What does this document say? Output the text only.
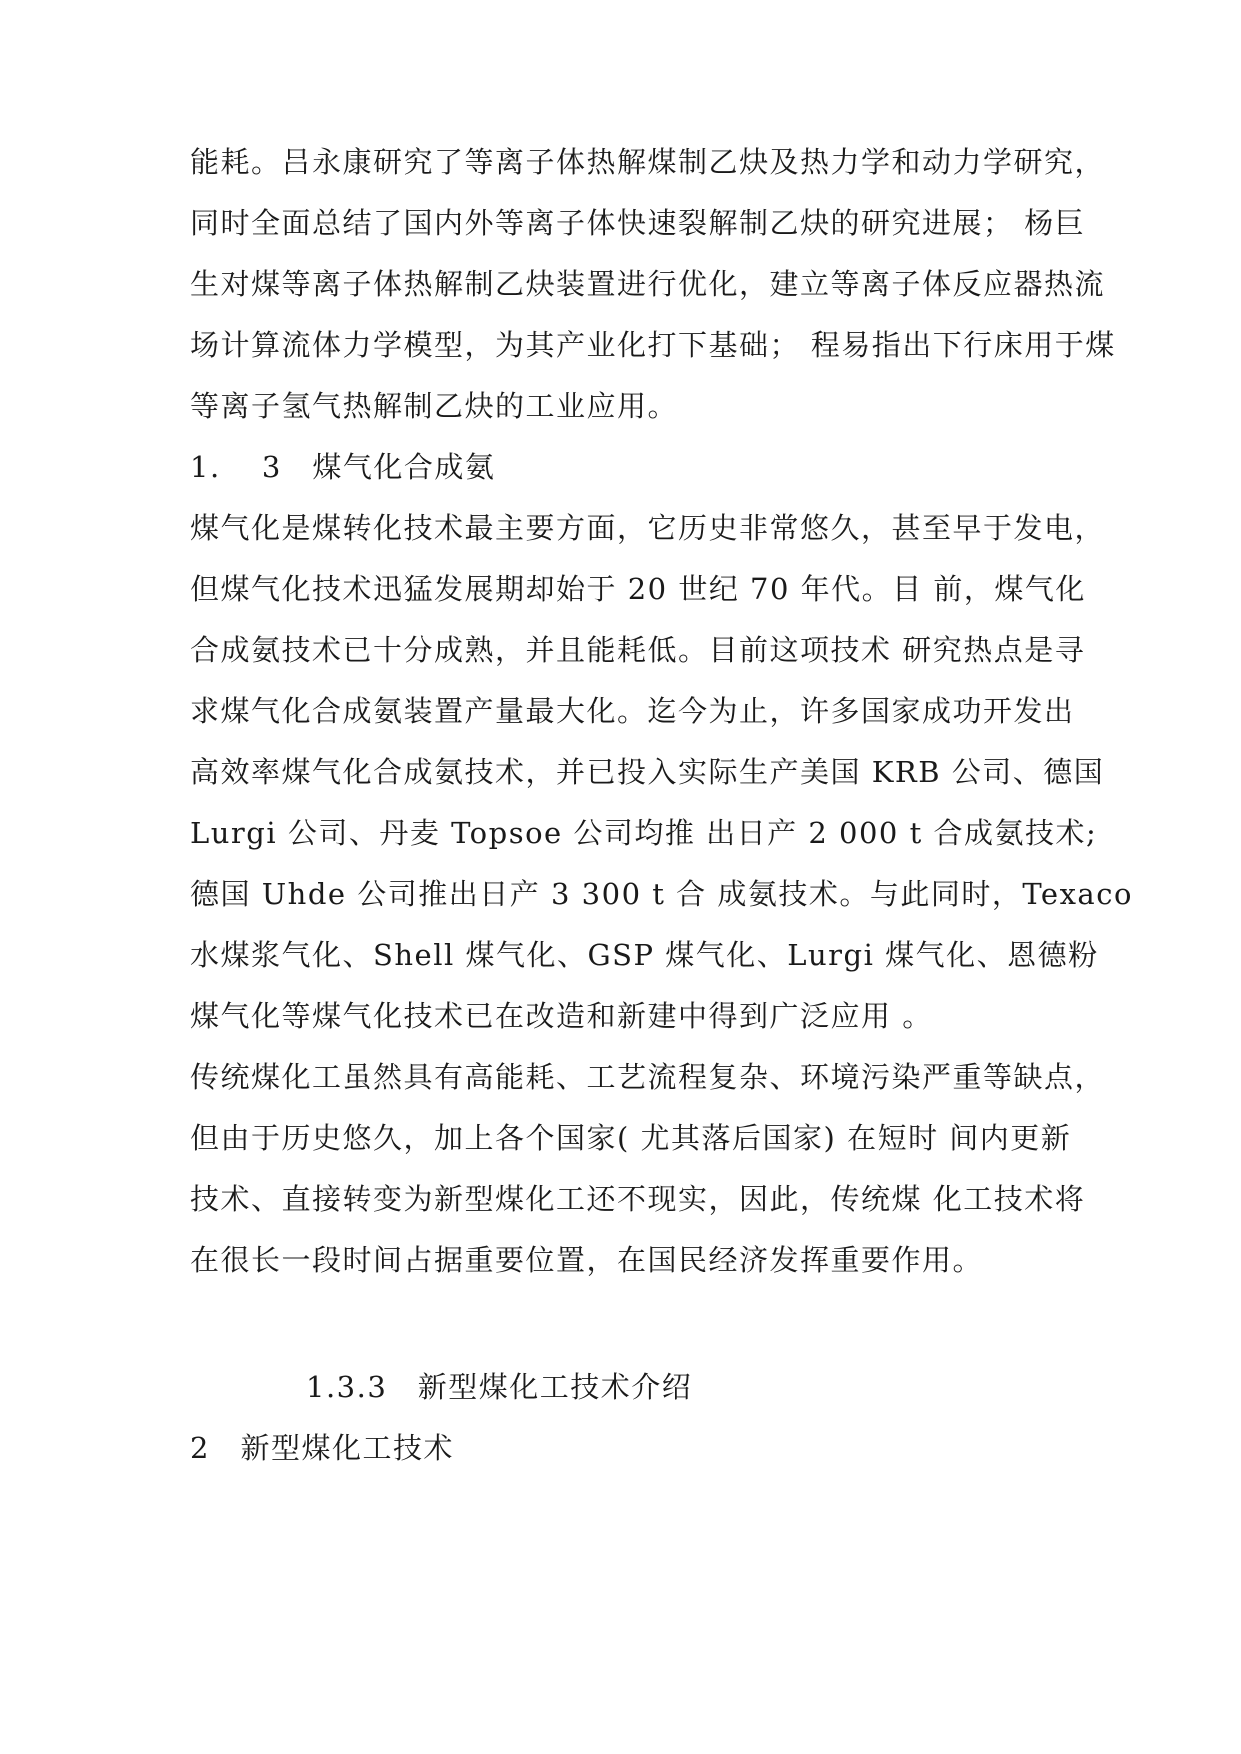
能耗。吕永康研究了等离子体热解煤制乙炔及热力学和动力学研究，
同时全面总结了国内外等离子体快速裂解制乙炔的研究进展； 杨巨
生对煤等离子体热解制乙炔装置进行优化，建立等离子体反应器热流
场计算流体力学模型，为其产业化打下基础； 程易指出下行床用于煤
等离子氢气热解制乙炔的工业应用。
1.　 3　煤气化合成氨
煤气化是煤转化技术最主要方面，它历史非常悠久，甚至早于发电，
但煤气化技术迅猛发展期却始于 20 世纪 70 年代。目 前，煤气化
合成氨技术已十分成熟，并且能耗低。目前这项技术 研究热点是寻
求煤气化合成氨装置产量最大化。迄今为止，许多国家成功开发出
高效率煤气化合成氨技术，并已投入实际生产美国 KRB 公司、德国
Lurgi 公司、丹麦 Topsoe 公司均推 出日产 2 000 t 合成氨技术;
德国 Uhde 公司推出日产 3 300 t 合 成氨技术。与此同时，Texaco
水煤浆气化、Shell 煤气化、GSP 煤气化、Lurgi 煤气化、恩德粉
煤气化等煤气化技术已在改造和新建中得到广泛应用 。
传统煤化工虽然具有高能耗、工艺流程复杂、环境污染严重等缺点，
但由于历史悠久，加上各个国家( 尤其落后国家) 在短时 间内更新
技术、直接转变为新型煤化工还不现实，因此，传统煤 化工技术将
在很长一段时间占据重要位置，在国民经济发挥重要作用。
1.3.3　新型煤化工技术介绍
2　新型煤化工技术
